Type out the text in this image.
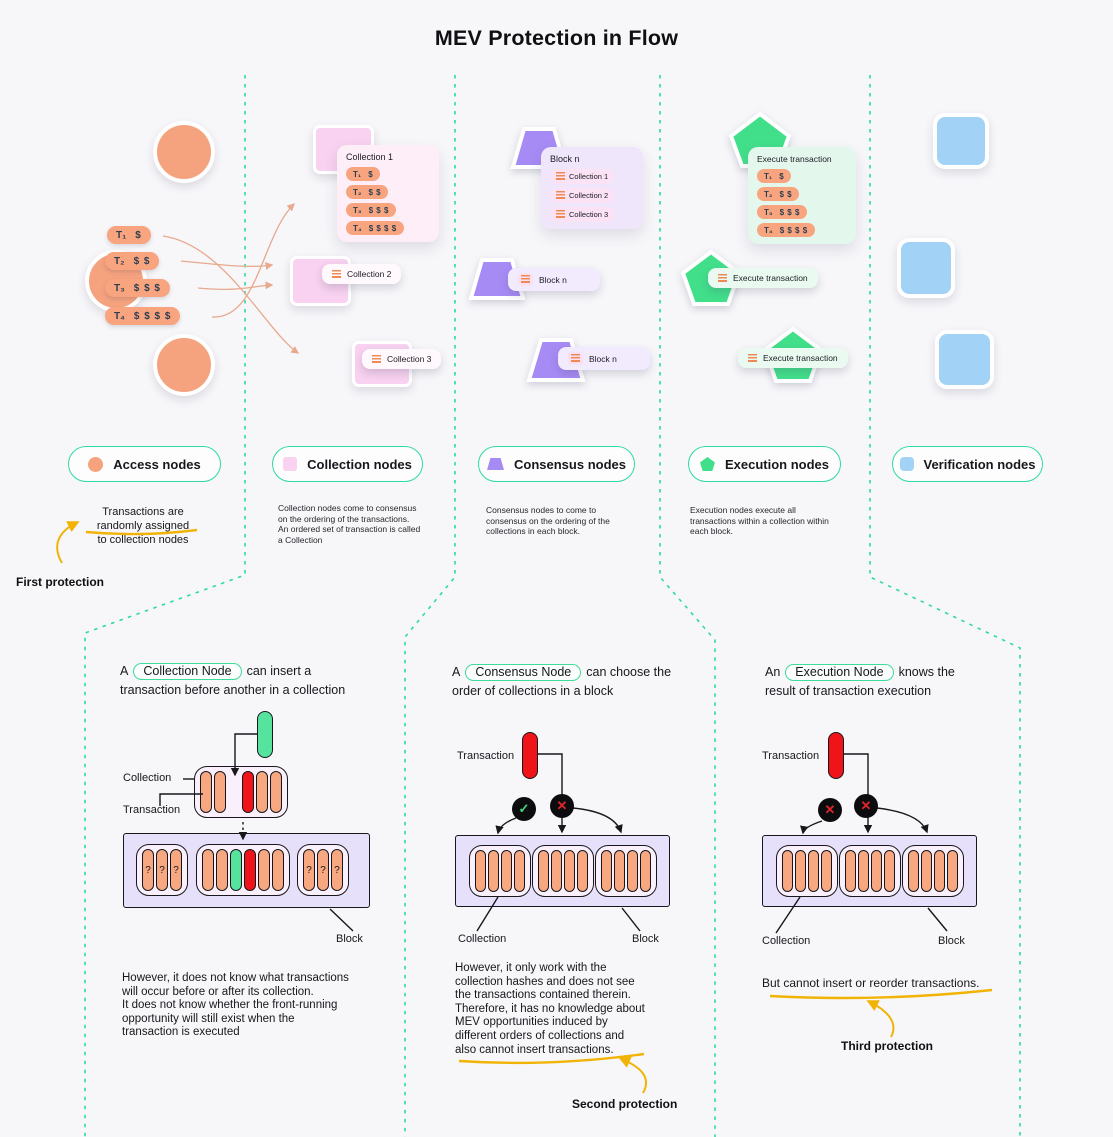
MEV Protection in Flow
T₁ $
T₂ $ $
T₃ $ $ $
T₄ $ $ $ $
Collection 1
T₁ $
T₂ $ $
T₃ $ $ $
T₄ $ $ $ $
Collection 2
Collection 3
Block n
Collection 1
Collection 2
Collection 3
Block n
Block n
Execute transaction
T₁ $
T₂ $ $
T₃ $ $ $
T₄ $ $ $ $
Execute transaction
Execute transaction
Access nodes	Collection nodes	Consensus nodes	Execution nodes	Verification nodes
Transactions are
randomly assigned
to collection nodes
Collection nodes come to consensus
on the ordering of the transactions.
An ordered set of transaction is called
a Collection
Consensus nodes to come to
consensus on the ordering of the
collections in each block.
Execution nodes execute all
transactions within a collection within
each block.
First protection
A	Collection Node	can insert a
transaction before another in a collection
Collection
Transaction
? ? ?	? ? ?
Block
However, it does not know what transactions
will occur before or after its collection.
It does not know whether the front-running
opportunity will still exist when the
transaction is executed
A	Consensus Node	can choose the
order of collections in a block
Transaction
Collection	Block
However, it only work with the
collection hashes and does not see
the transactions contained therein.
Therefore, it has no knowledge about
MEV opportunities induced by
different orders of collections and
also cannot insert transactions.
Second protection
An	Execution Node	knows the
result of transaction execution
Transaction
Collection	Block
But cannot insert or reorder transactions.
Third protection
✓	✕	✕	✕
